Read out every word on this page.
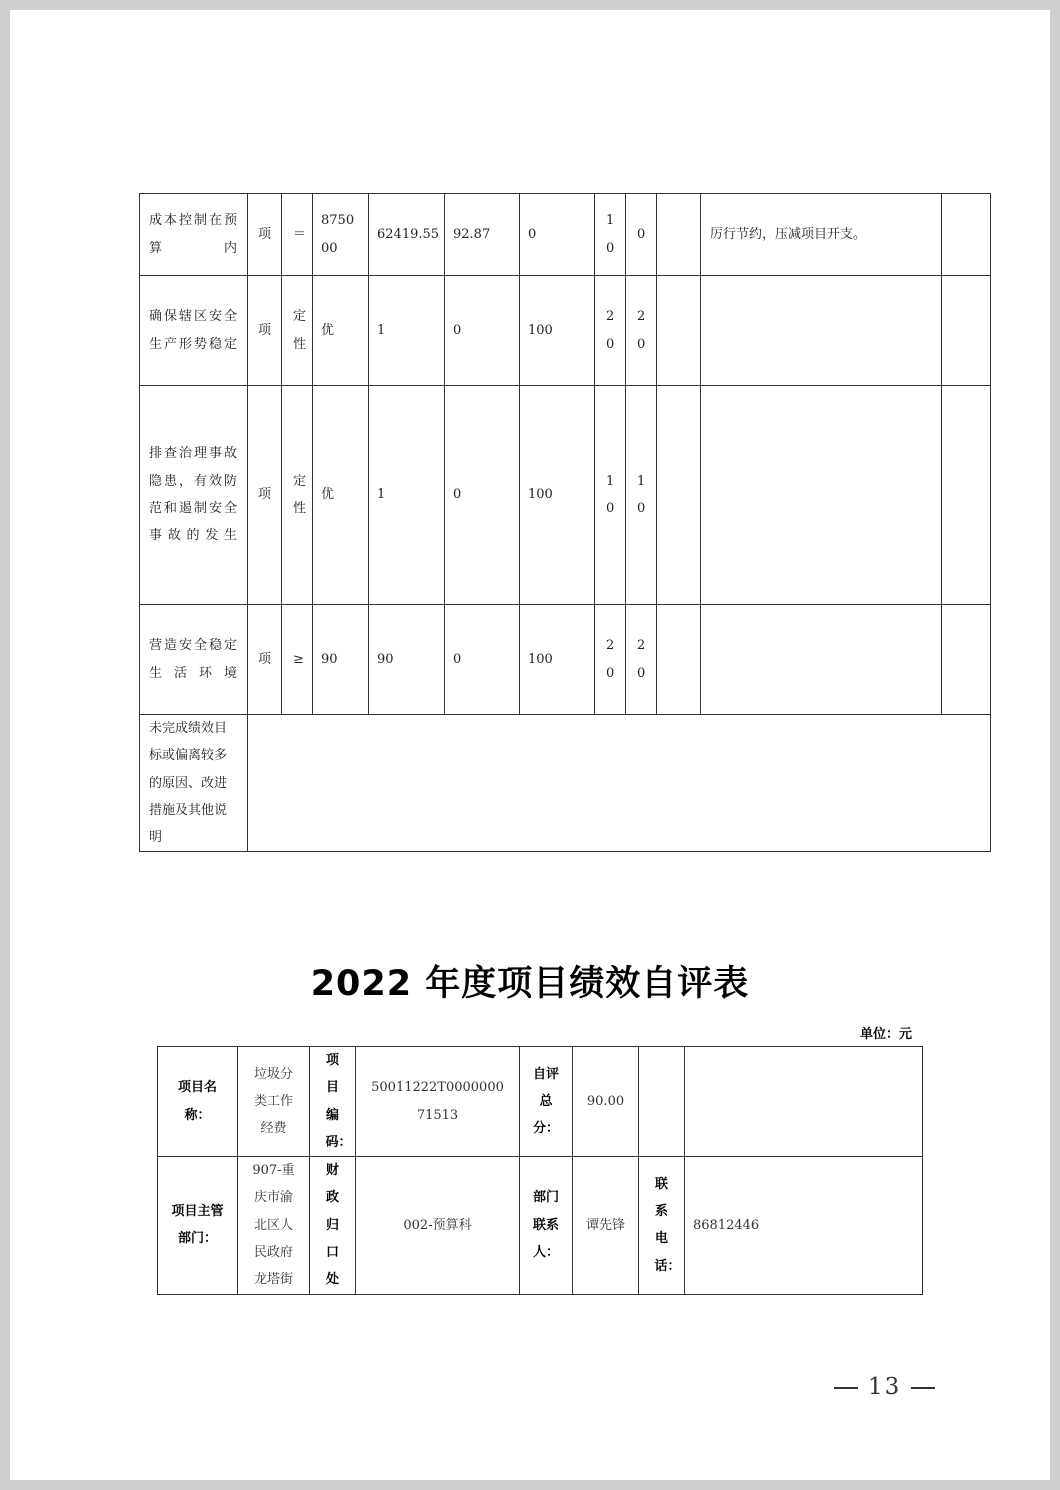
成本控制在预算内	项	＝	875000	62419.55	92.87	0	10	0		厉行节约，压减项目开支。	
确保辖区安全生产形势稳定	项	定性	优	1	0	100	20	20			

排查治理事故隐患，有效防范和遏制安全事故的发生	项	定性	优	1	0	100	10	10			

营造安全稳定生活环境	项	≥	90	90	0	100	20	20			

未完成绩效目标或偏离较多的原因、改进措施及其他说明											
2022 年度项目绩效自评表
单位：元
项目名称：	垃圾分类工作经费	项目编码：	50011222T000000071513	自评总分：	90.00		
项目主管部门：	907-重庆市渝北区人民政府龙塔街	财政归口处	002-预算科	部门联系人：	谭先锋	联系电话：	86812446
13
